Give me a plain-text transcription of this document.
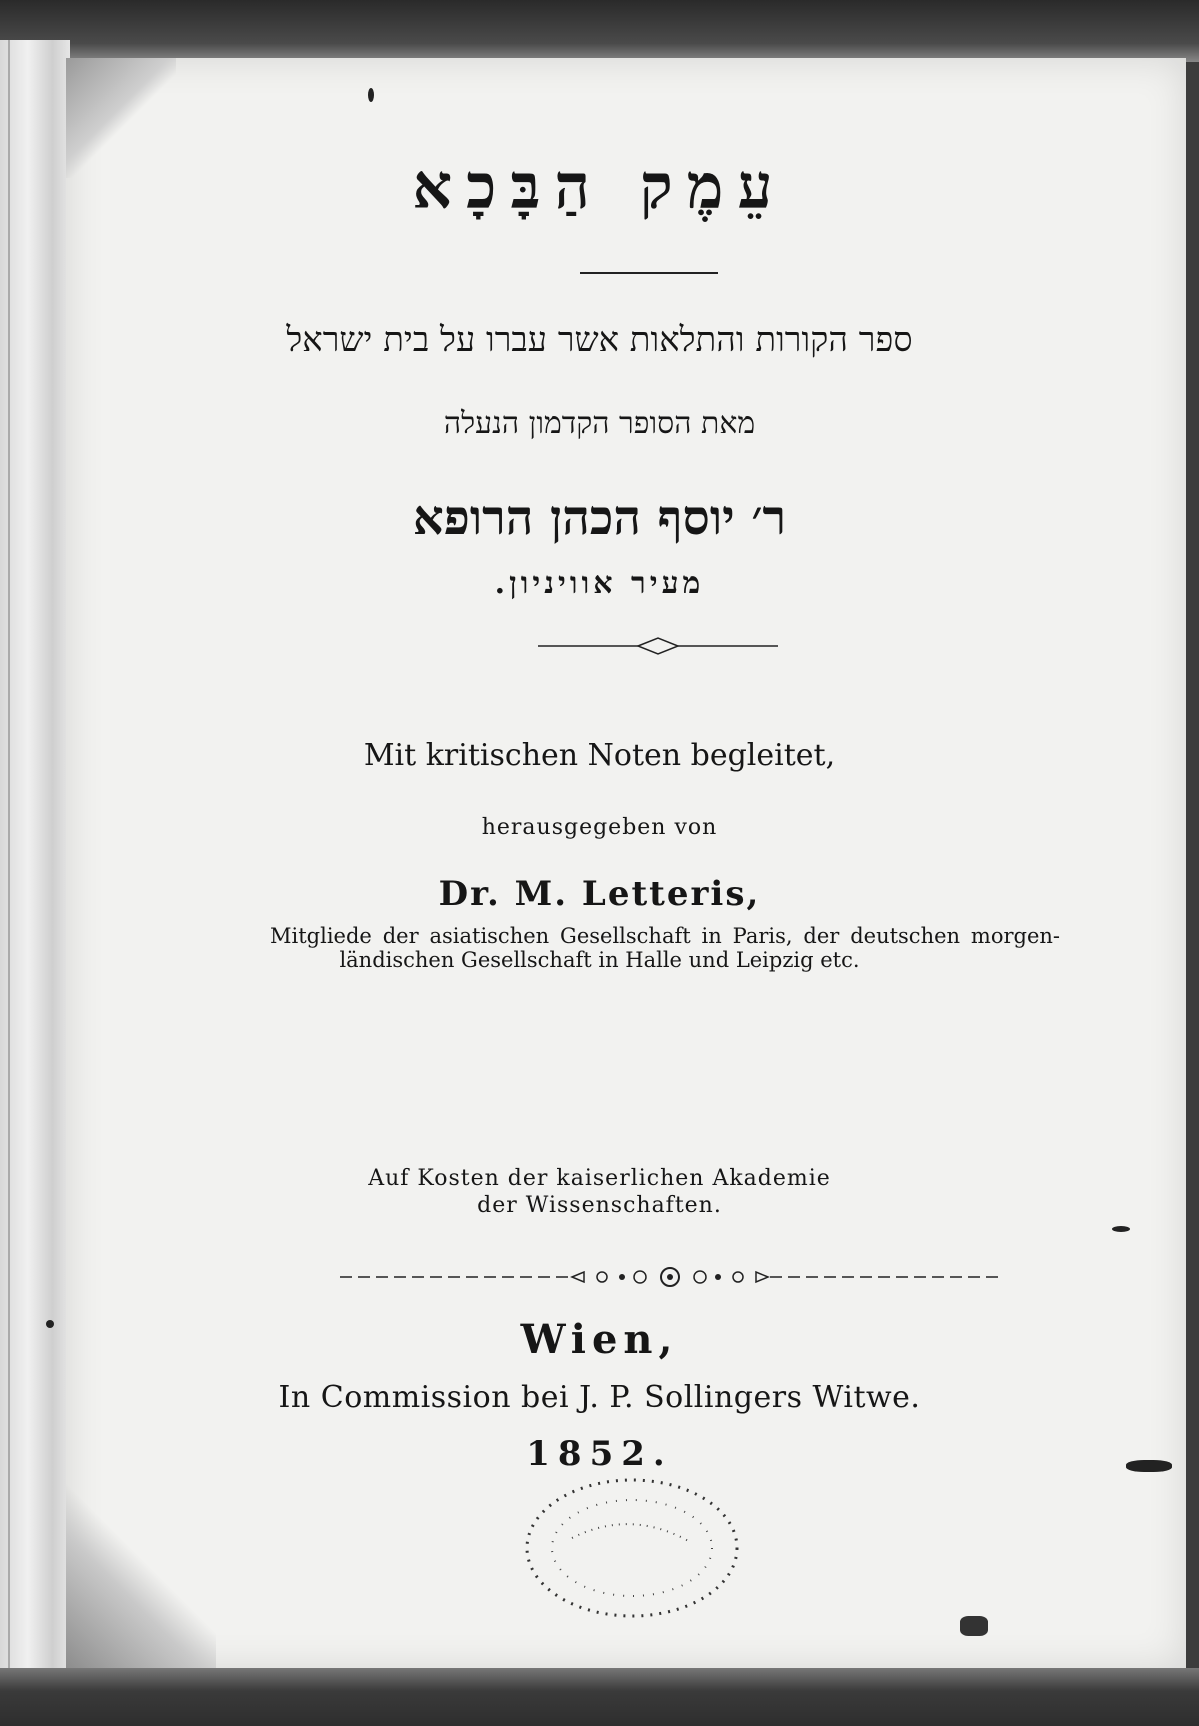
עֵמֶק הַבָּכָא
ספר הקורות והתלאות אשר עברו על בית ישראל
מאת הסופר הקדמון הנעלה
ר׳ יוסף הכהן הרופא
מעיר אוויניון.
Mit kritischen Noten begleitet,
herausgegeben von
Dr. M. Letteris,
Mitgliede der asiatischen Gesellschaft in Paris, der deutschen morgen-
ländischen Gesellschaft in Halle und Leipzig etc.
Auf Kosten der kaiserlichen Akademie
der Wissenschaften.
Wien,
In Commission bei J. P. Sollingers Witwe.
1852.
